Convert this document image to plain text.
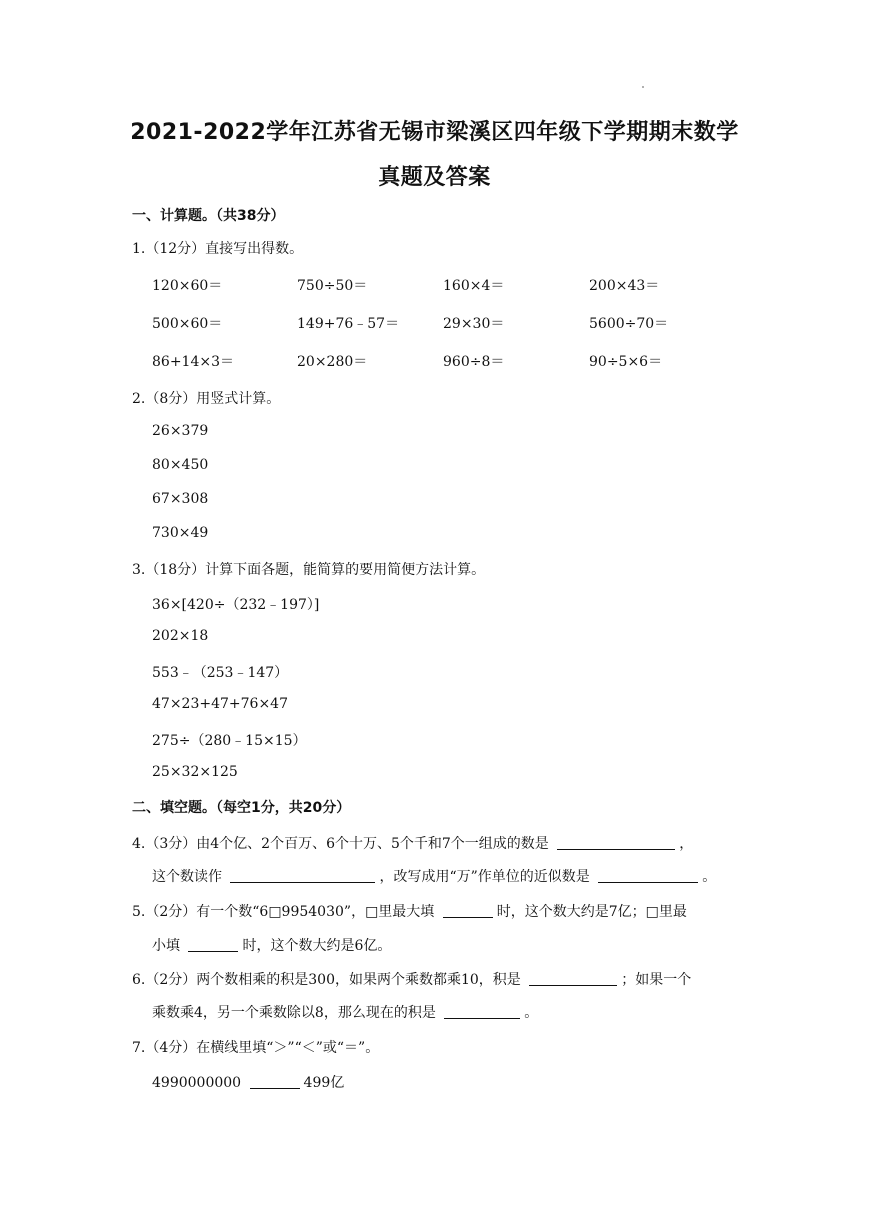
2021-2022学年江苏省无锡市梁溪区四年级下学期期末数学
真题及答案
一、计算题。（共38分）
1.（12分）直接写出得数。
120×60＝	750÷50＝	160×4＝	200×43＝
500×60＝	149+76﹣57＝	29×30＝	5600÷70＝
86+14×3＝	20×280＝	960÷8＝	90÷5×6＝
2.（8分）用竖式计算。
26×379
80×450
67×308
730×49
3.（18分）计算下面各题，能简算的要用简便方法计算。
36×[420÷（232﹣197）]
202×18
553﹣（253﹣147）
47×23+47+76×47
275÷（280﹣15×15）
25×32×125
二、填空题。（每空1分，共20分）
4.（3分）由4个亿、2个百万、6个十万、5个千和7个一组成的数是	，
这个数读作	，改写成用“万”作单位的近似数是	。
5.（2分）有一个数“6□9954030”，□里最大填	时，这个数大约是7亿；□里最
小填	时，这个数大约是6亿。
6.（2分）两个数相乘的积是300，如果两个乘数都乘10，积是	；如果一个
乘数乘4，另一个乘数除以8，那么现在的积是	。
7.（4分）在横线里填“＞”“＜”或“＝”。
4990000000	499亿
